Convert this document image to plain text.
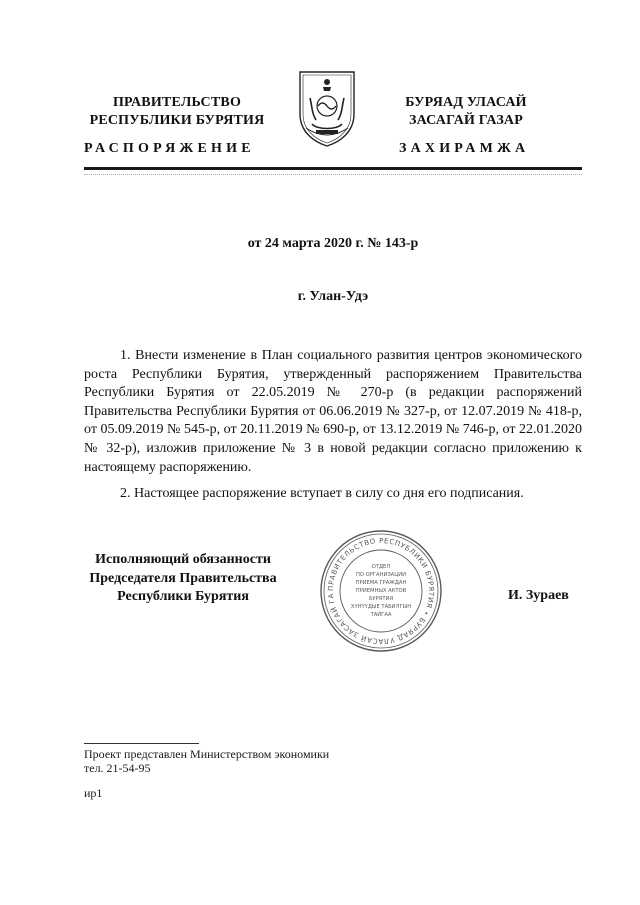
ПРАВИТЕЛЬСТВО
РЕСПУБЛИКИ БУРЯТИЯ
БУРЯАД УЛАСАЙ
ЗАСАГАЙ ГАЗАР
РАСПОРЯЖЕНИЕ	ЗАХИРАМЖА
от 24 марта 2020 г. № 143-р
г. Улан-Удэ
1. Внести изменение в План социального развития центров экономического роста Республики Бурятия, утвержденный распоряжением Правительства Республики Бурятия от 22.05.2019 № 270-р (в редакции распоряжений Правительства Республики Бурятия от 06.06.2019 № 327-р, от 12.07.2019 № 418-р, от 05.09.2019 № 545-р, от 20.11.2019 № 690-р, от 13.12.2019 № 746-р, от 22.01.2020 № 32-р), изложив приложение № 3 в новой редакции согласно приложению к настоящему распоряжению.
2. Настоящее распоряжение вступает в силу со дня его подписания.
Исполняющий обязанности
Председателя Правительства
Республики Бурятия
ПРАВИТЕЛЬСТВО РЕСПУБЛИКИ БУРЯТИЯ • БУРЯАД УЛАСАЙ ЗАСАГАЙ ГА
ОТДЕЛ
ПО ОРГАНИЗАЦИИ
ПРИЕМА ГРАЖДАН
ПРИЕМНЫХ АКТОВ
БУРЯТИЯ
ХҮНҮҮДЫЕ ТАБИЛГЫН
ТАЙГАА
И. Зураев
Проект представлен Министерством экономики
тел. 21-54-95
ир1
